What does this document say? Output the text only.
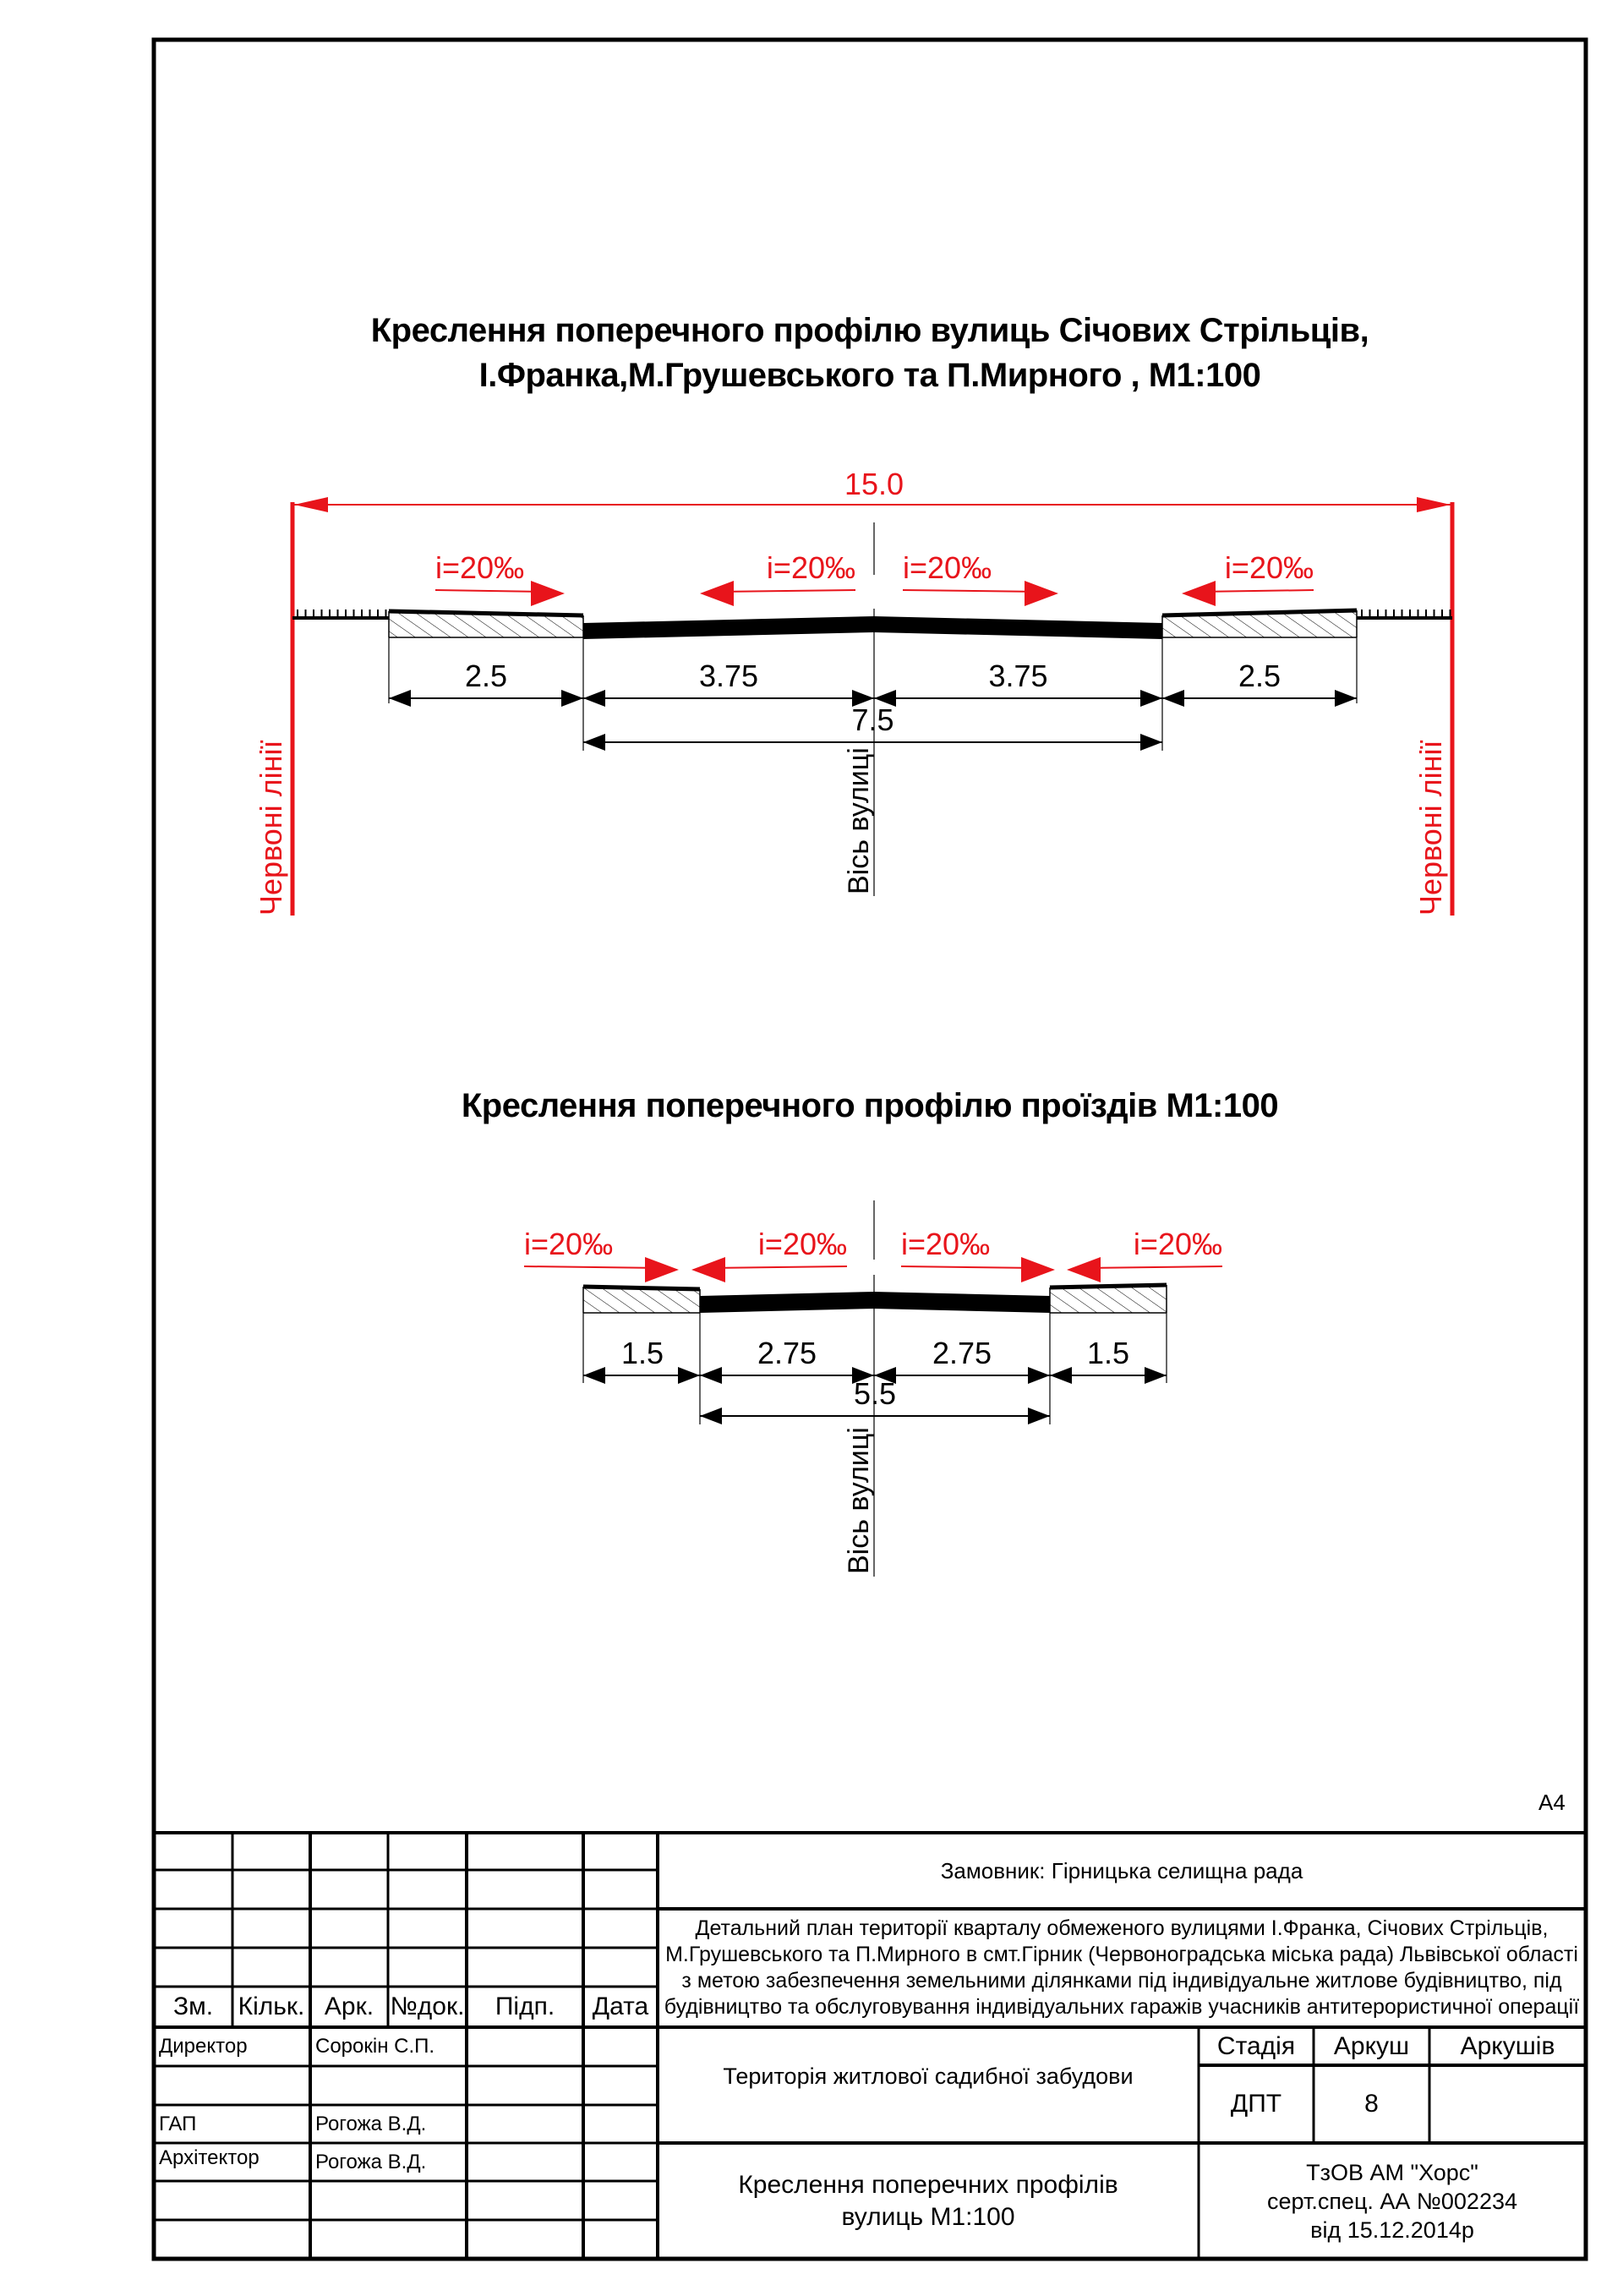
15.0
Червоні лінії	Червоні лінії
Вісь вулиці
2.5	3.75	3.75	2.5
7.5
i=20‰	i=20‰ i=20‰	i=20‰
Вісь вулиці
1.5	2.75	2.75	1.5
5.5
i=20‰	i=20‰ i=20‰	i=20‰
Креслення поперечного профілю вулиць Січових Стрільців,
І.Франка,М.Грушевського та П.Мирного , М1:100
Креслення поперечного профілю проїздів М1:100
A4
Зм. Кільк. Арк. №док.	Підп.	Дата
Директор	Сорокін С.П.
ГАП	Рогожа В.Д.
Архітектор	Рогожа В.Д.
Замовник: Гірницька селищна рада
Детальний план території кварталу обмеженого вулицями І.Франка, Січових Стрільців,
М.Грушевського та П.Мирного в смт.Гірник (Червоноградська міська рада) Львівської області
з метою забезпечення земельними ділянками під індивідуальне житлове будівництво, під
будівництво та обслуговування індивідуальних гаражів учасників антитерористичної операції
Територія житлової садибної забудови
Стадія	Аркуш	Аркушів
ДПТ	8
Креслення поперечних профілів
вулиць М1:100
ТзОВ АМ "Хорс"
серт.спец. АА №002234
від 15.12.2014р
